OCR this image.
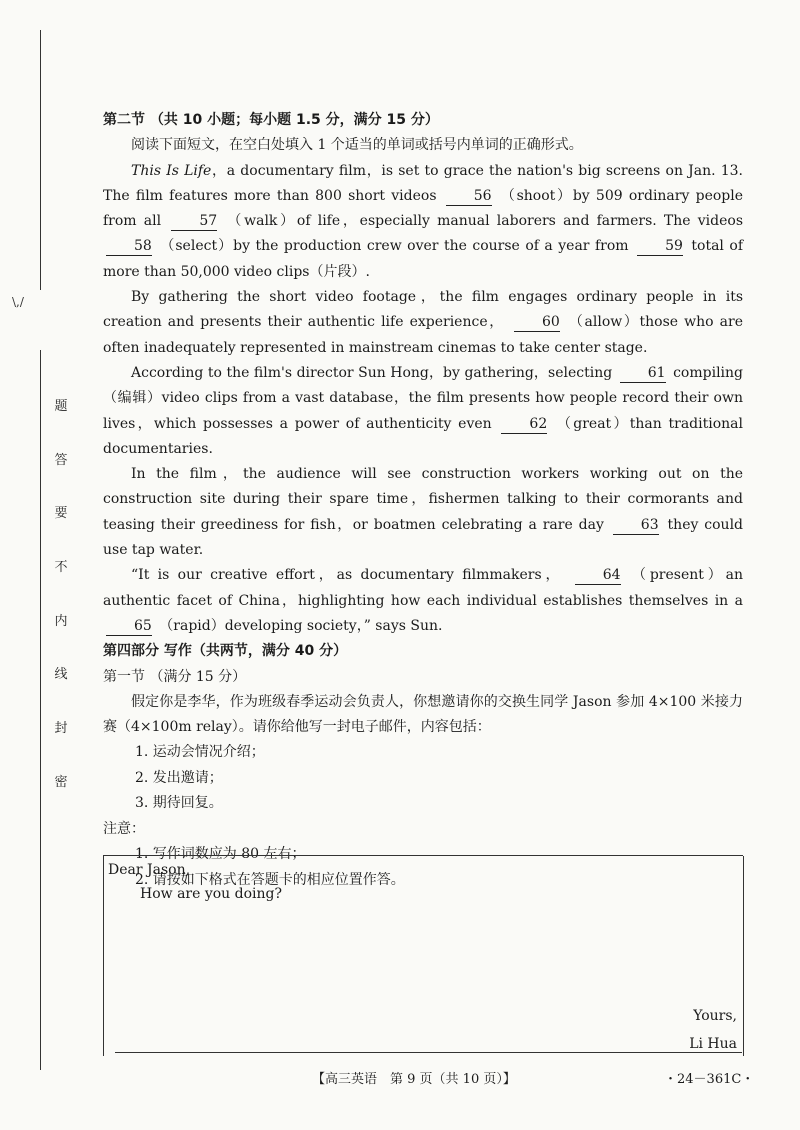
\,/
题
答
要
不
内
线
封
密

第二节 （共 10 小题；每小题 1.5 分，满分 15 分）

阅读下面短文，在空白处填入 1 个适当的单词或括号内单词的正确形式。

This Is Life，a documentary film，is set to grace the nation's big screens on Jan. 13. The film features more than 800 short videos	56 （shoot）by 509 ordinary people from all	57 （walk）of life，especially manual laborers and farmers. The videos 58 （select）by the production crew over the course of a year from	59 total of more than 50,000 video clips（片段）.

By gathering the short video footage，the film engages ordinary people in its creation and presents their authentic life experience，	60 （allow）those who are often inadequately represented in mainstream cinemas to take center stage.

According to the film's director Sun Hong，by gathering，selecting	61 compiling（编辑）video clips from a vast database，the film presents how people record their own lives，which possesses a power of authenticity even	62 （great）than traditional documentaries.

In the film，the audience will see construction workers working out on the construction site during their spare time，fishermen talking to their cormorants and teasing their greediness for fish，or boatmen celebrating a rare day	63 they could use tap water.

“It is our creative effort，as documentary filmmakers，	64 （present）an authentic facet of China，highlighting how each individual establishes themselves in a 65 （rapid）developing society，” says Sun.

第四部分 写作（共两节，满分 40 分）

第一节 （满分 15 分）

假定你是李华，作为班级春季运动会负责人，你想邀请你的交换生同学 Jason 参加 4×100 米接力赛（4×100m relay）。请你给他写一封电子邮件，内容包括：

1. 运动会情况介绍；
2. 发出邀请；
3. 期待回复。

注意：

1. 写作词数应为 80 左右；
2. 请按如下格式在答题卡的相应位置作答。
Dear Jason,
How are you doing?
Yours,
Li Hua
【高三英语　第 9 页（共 10 页）】	・24－361C・
